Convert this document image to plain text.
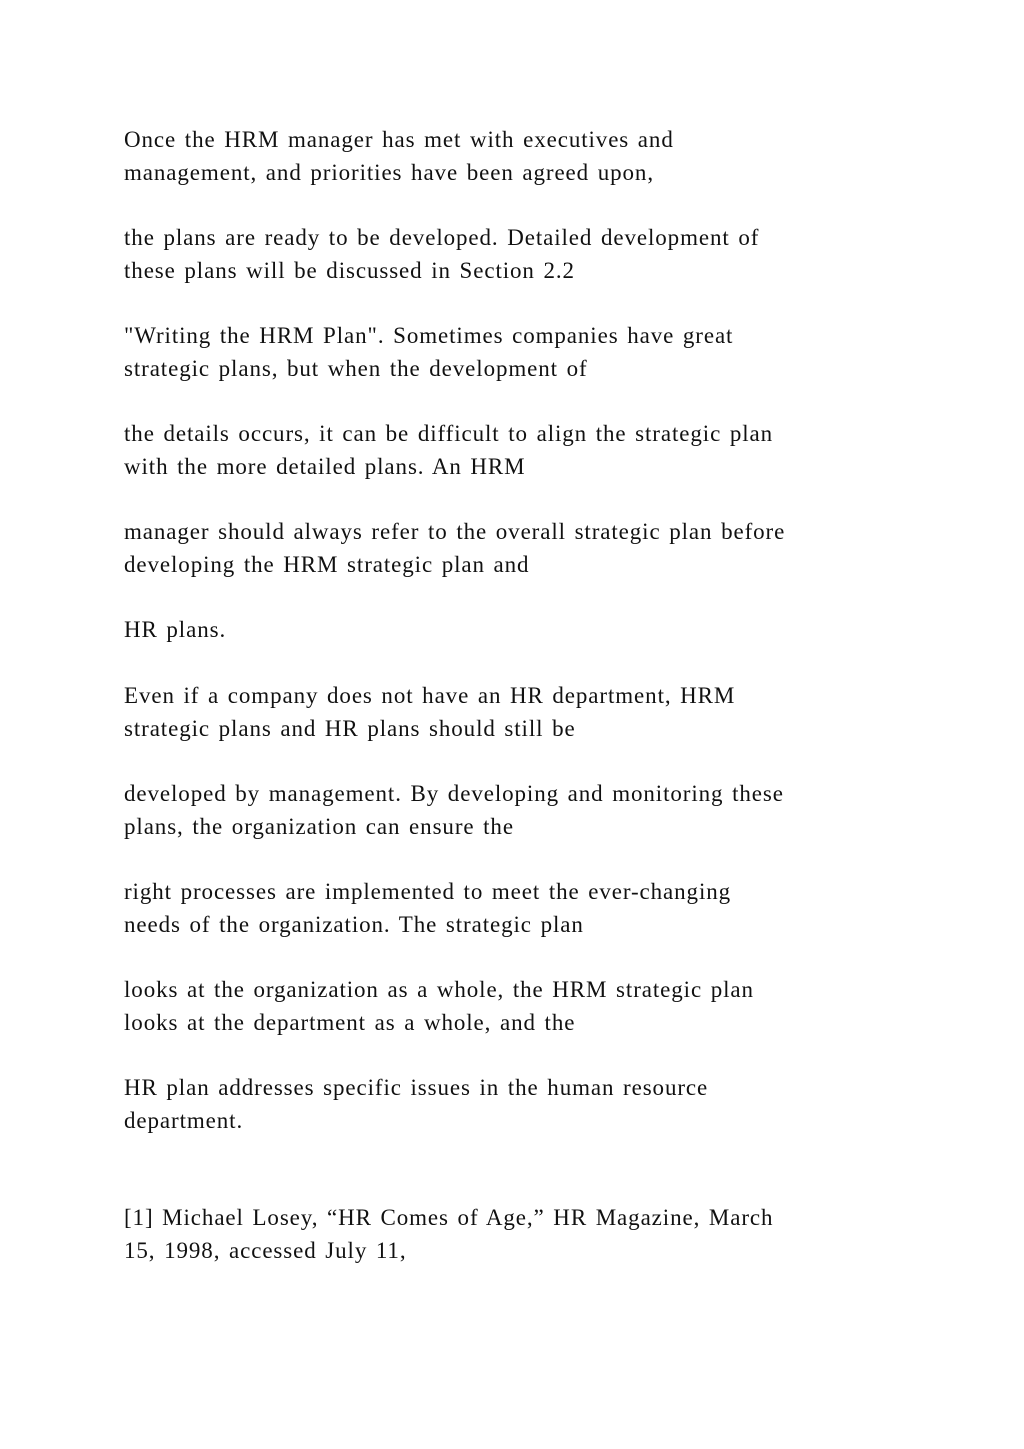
Once the HRM manager has met with executives and
management, and priorities have been agreed upon,

the plans are ready to be developed. Detailed development of
these plans will be discussed in Section 2.2

"Writing the HRM Plan". Sometimes companies have great
strategic plans, but when the development of

the details occurs, it can be difficult to align the strategic plan
with the more detailed plans. An HRM

manager should always refer to the overall strategic plan before
developing the HRM strategic plan and

HR plans.

Even if a company does not have an HR department, HRM
strategic plans and HR plans should still be

developed by management. By developing and monitoring these
plans, the organization can ensure the

right processes are implemented to meet the ever-changing
needs of the organization. The strategic plan

looks at the organization as a whole, the HRM strategic plan
looks at the department as a whole, and the

HR plan addresses specific issues in the human resource
department.

[1] Michael Losey, “HR Comes of Age,” HR Magazine, March
15, 1998, accessed July 11,
